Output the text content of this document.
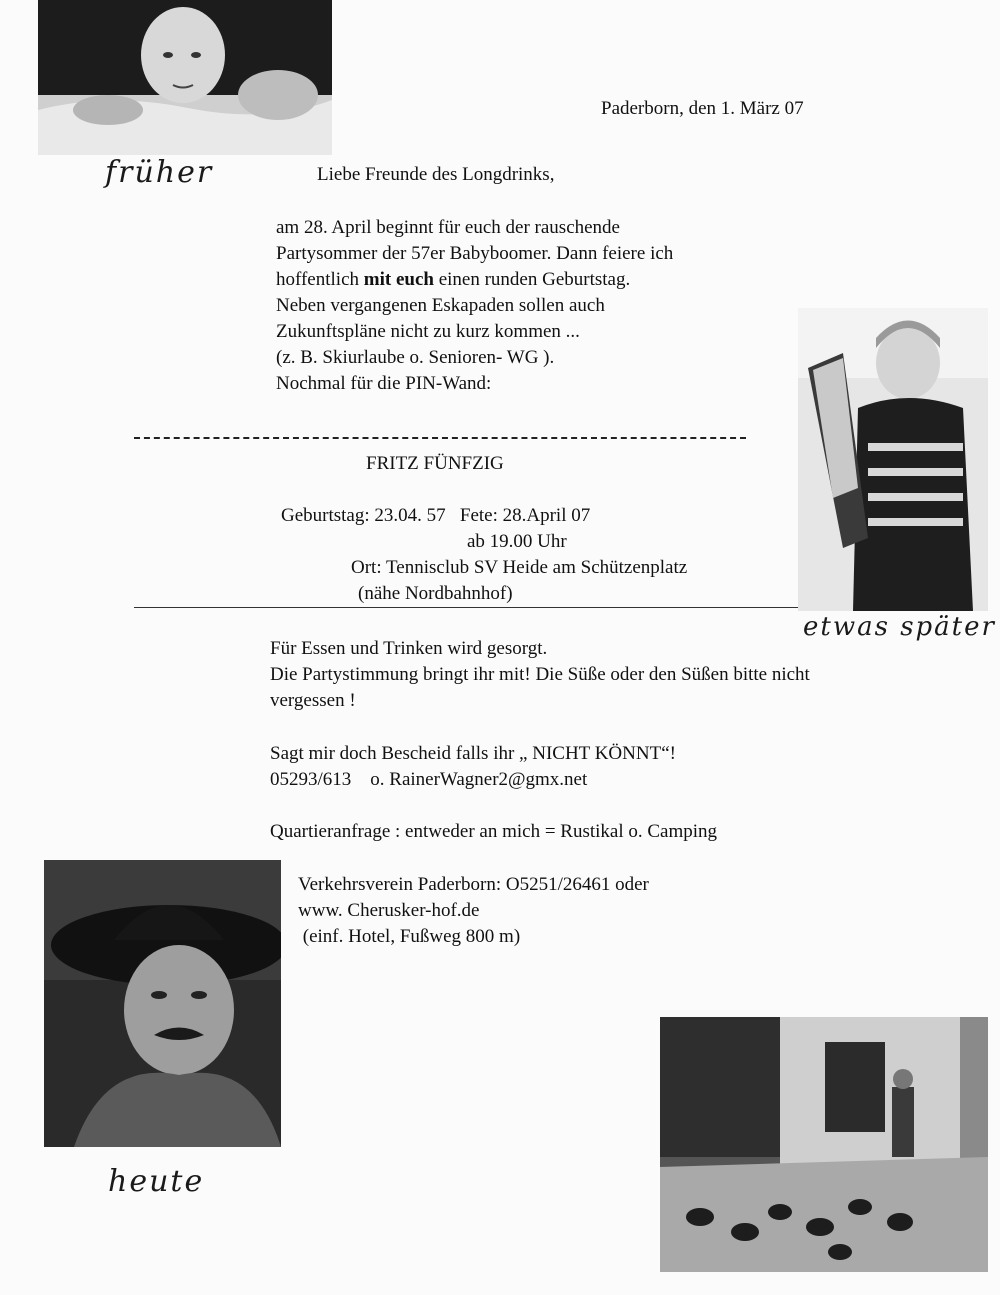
früher
Paderborn, den 1. März 07
Liebe Freunde des Longdrinks,
am 28. April beginnt für euch der rauschende
Partysommer der 57er Babyboomer. Dann feiere ich
hoffentlich mit euch einen runden Geburtstag.
Neben vergangenen Eskapaden sollen auch
Zukunftspläne nicht zu kurz kommen ...
(z. B. Skiurlaube o. Senioren- WG ).
Nochmal für die PIN-Wand:
etwas später
FRITZ FÜNFZIG
Geburtstag: 23.04. 57   Fete: 28.April 07
ab 19.00 Uhr
Ort: Tennisclub SV Heide am Schützenplatz
(nähe Nordbahnhof)
Für Essen und Trinken wird gesorgt.
Die Partystimmung bringt ihr mit! Die Süße oder den Süßen bitte nicht
vergessen !
Sagt mir doch Bescheid falls ihr „ NICHT KÖNNT“!
05293/613    o. RainerWagner2@gmx.net
Quartieranfrage : entweder an mich = Rustikal o. Camping
heute
Verkehrsverein Paderborn: O5251/26461 oder
www. Cherusker-hof.de
(einf. Hotel, Fußweg 800 m)
